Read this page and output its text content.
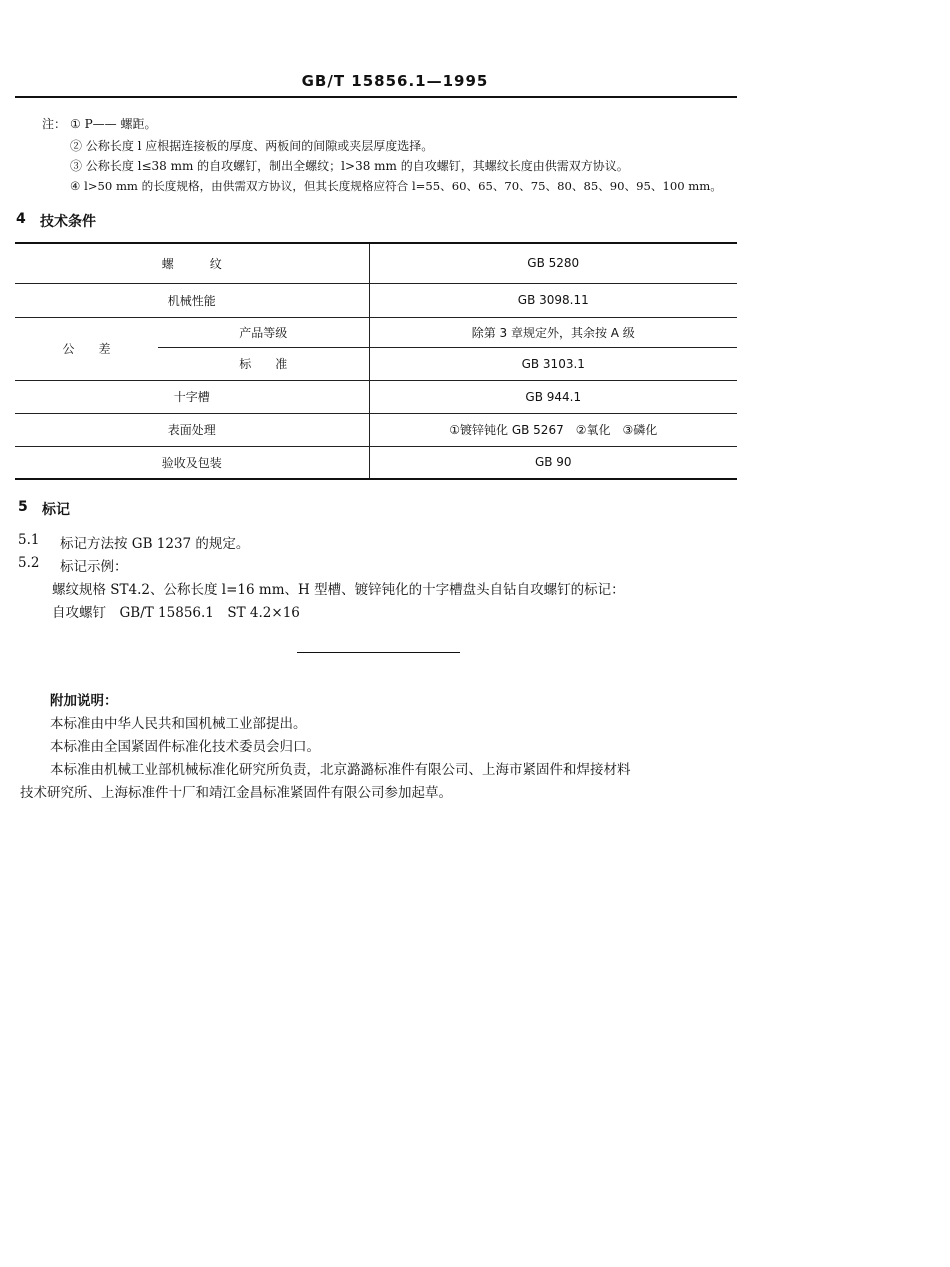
GB/T 15856.1—1995
注： ① P—— 螺距。
② 公称长度 l 应根据连接板的厚度、两板间的间隙或夹层厚度选择。
③ 公称长度 l≤38 mm 的自攻螺钉，制出全螺纹；l>38 mm 的自攻螺钉，其螺纹长度由供需双方协议。
④ l>50 mm 的长度规格，由供需双方协议，但其长度规格应符合 l=55、60、65、70、75、80、85、90、95、100 mm。
4 技术条件
螺　　　纹		GB 5280
机械性能		GB 3098.11
公　　差	产品等级	除第 3 章规定外，其余按 A 级
	标　　准	GB 3103.1
十字槽		GB 944.1
表面处理		①镀锌钝化 GB 5267　②氧化　③磷化
验收及包装		GB 90
5 标记
5.1 标记方法按 GB 1237 的规定。
5.2 标记示例：
螺纹规格 ST4.2、公称长度 l=16 mm、H 型槽、镀锌钝化的十字槽盘头自钻自攻螺钉的标记：
自攻螺钉　GB/T 15856.1　ST 4.2×16
附加说明：
本标准由中华人民共和国机械工业部提出。
本标准由全国紧固件标准化技术委员会归口。
本标准由机械工业部机械标准化研究所负责，北京潞潞标准件有限公司、上海市紧固件和焊接材料
技术研究所、上海标准件十厂和靖江金昌标准紧固件有限公司参加起草。
